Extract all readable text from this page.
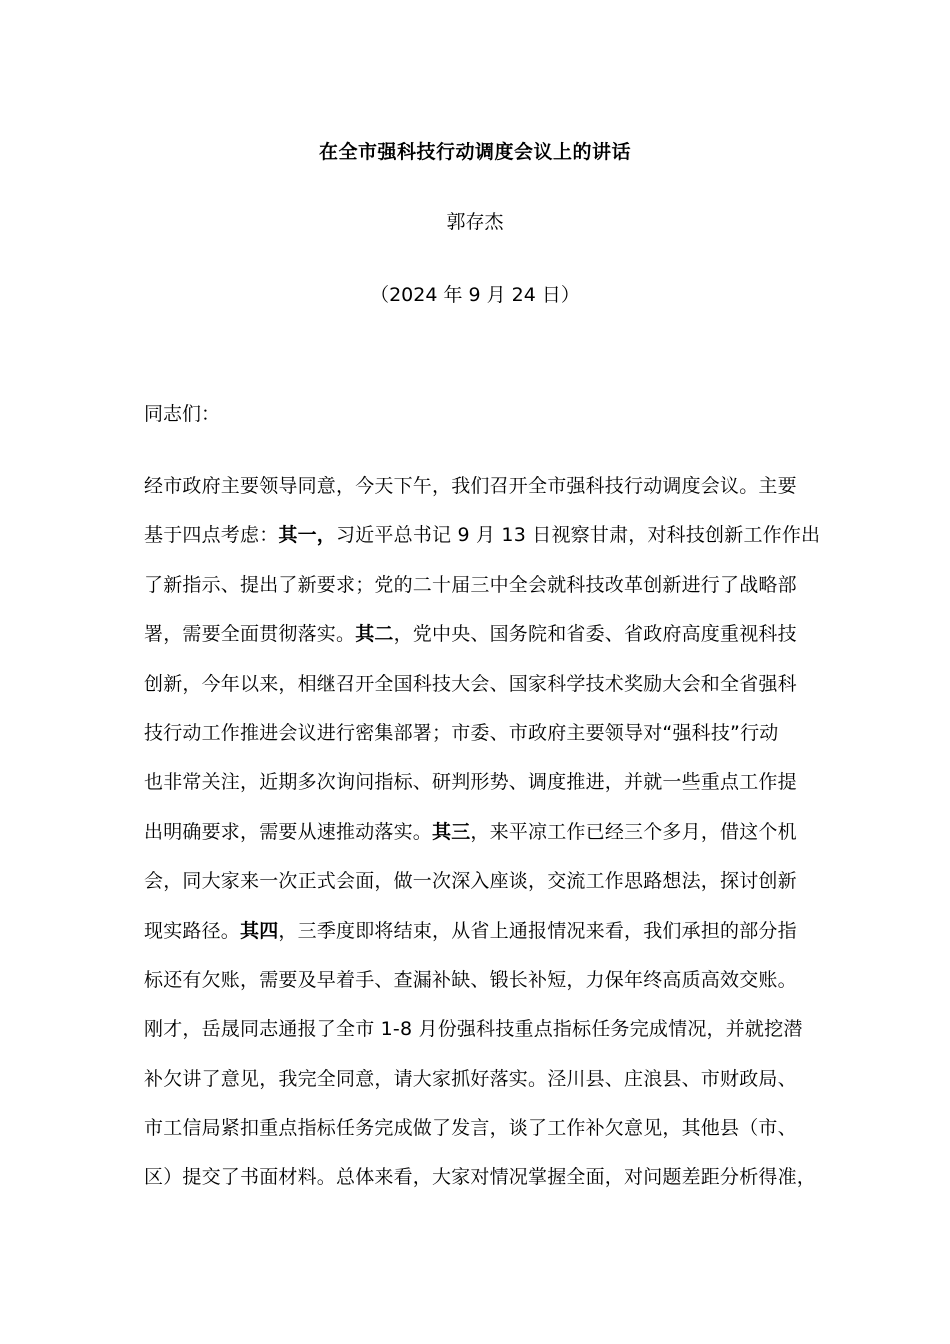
在全市强科技行动调度会议上的讲话
郭存杰
（2024 年 9 月 24 日）
同志们：
经市政府主要领导同意，今天下午，我们召开全市强科技行动调度会议。主要
基于四点考虑：其一，习近平总书记 9 月 13 日视察甘肃，对科技创新工作作出
了新指示、提出了新要求；党的二十届三中全会就科技改革创新进行了战略部
署，需要全面贯彻落实。其二，党中央、国务院和省委、省政府高度重视科技
创新，今年以来，相继召开全国科技大会、国家科学技术奖励大会和全省强科
技行动工作推进会议进行密集部署；市委、市政府主要领导对“强科技”行动
也非常关注，近期多次询问指标、研判形势、调度推进，并就一些重点工作提
出明确要求，需要从速推动落实。其三，来平凉工作已经三个多月，借这个机
会，同大家来一次正式会面，做一次深入座谈，交流工作思路想法，探讨创新
现实路径。其四，三季度即将结束，从省上通报情况来看，我们承担的部分指
标还有欠账，需要及早着手、查漏补缺、锻长补短，力保年终高质高效交账。
刚才，岳晟同志通报了全市 1-8 月份强科技重点指标任务完成情况，并就挖潜
补欠讲了意见，我完全同意，请大家抓好落实。泾川县、庄浪县、市财政局、
市工信局紧扣重点指标任务完成做了发言，谈了工作补欠意见，其他县（市、
区）提交了书面材料。总体来看，大家对情况掌握全面，对问题差距分析得准，
